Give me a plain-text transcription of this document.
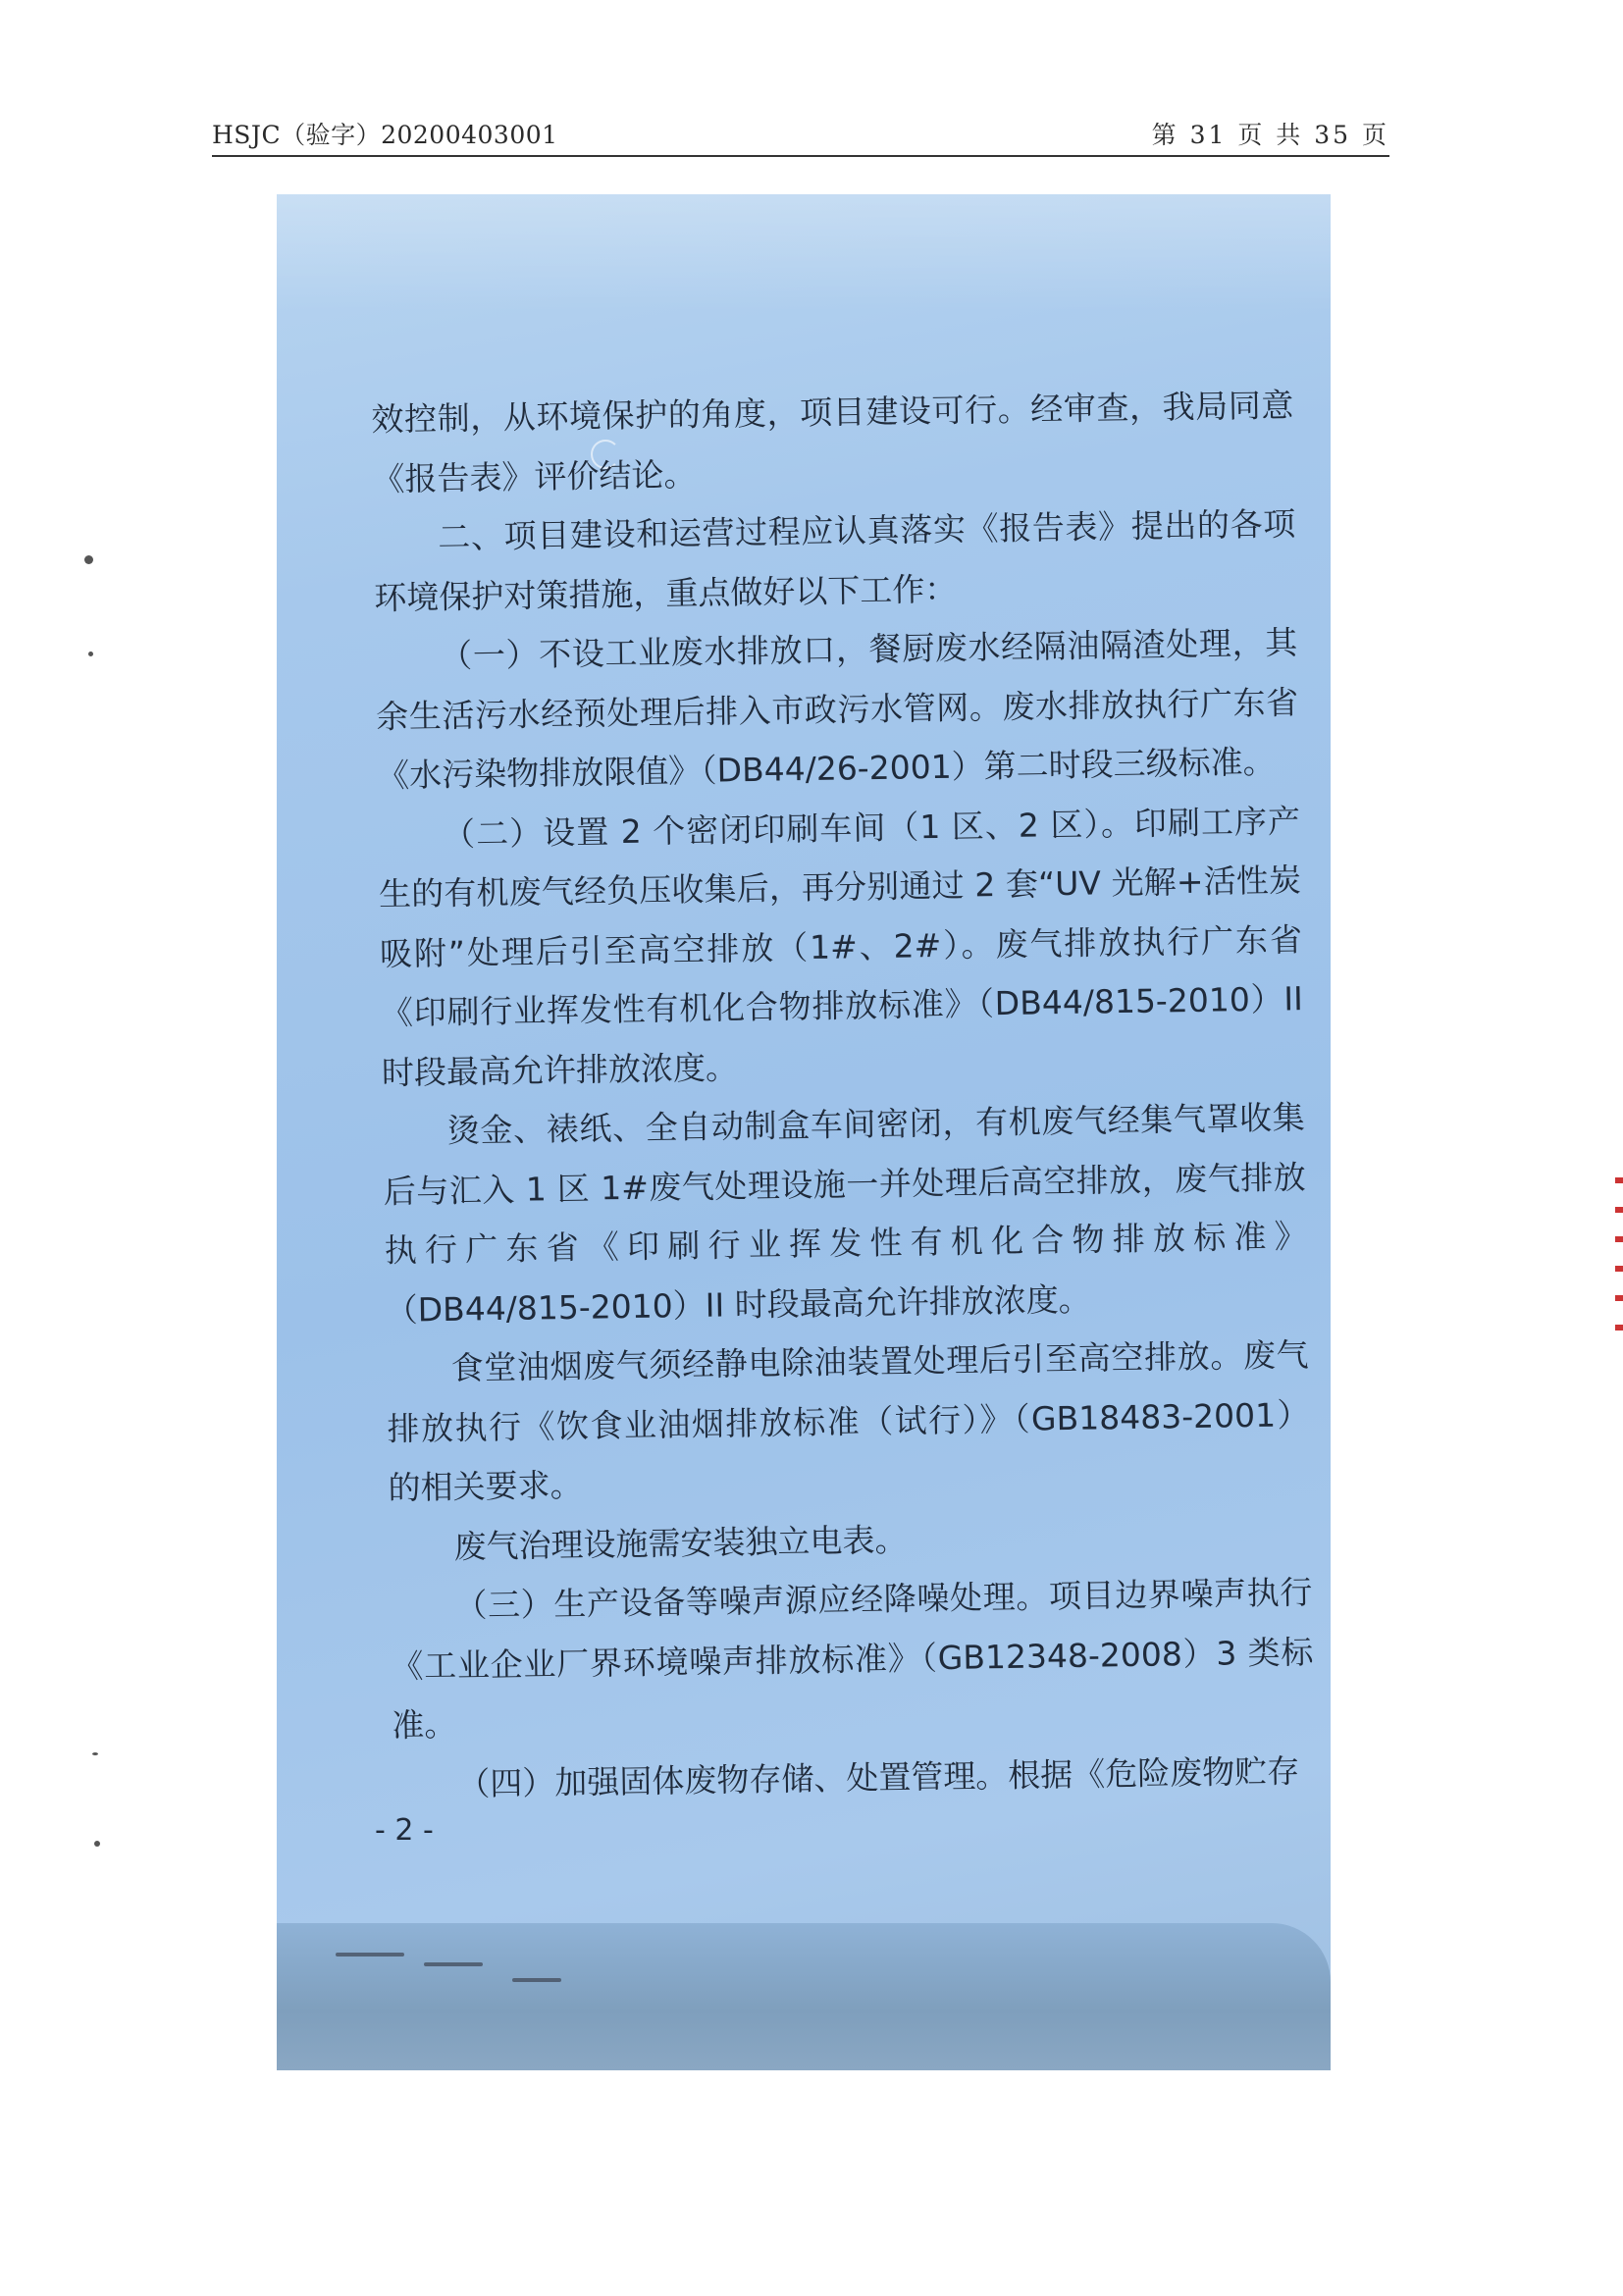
HSJC（验字）20200403001	第 31 页 共 35 页

效控制，从环境保护的角度，项目建设可行。经审查，我局同意《报告表》评价结论。

二、项目建设和运营过程应认真落实《报告表》提出的各项环境保护对策措施，重点做好以下工作：

（一）不设工业废水排放口，餐厨废水经隔油隔渣处理，其余生活污水经预处理后排入市政污水管网。废水排放执行广东省《水污染物排放限值》（DB44/26-2001）第二时段三级标准。

（二）设置 2 个密闭印刷车间（1 区、2 区）。印刷工序产生的有机废气经负压收集后，再分别通过 2 套“UV 光解+活性炭吸附”处理后引至高空排放（1#、2#）。废气排放执行广东省《印刷行业挥发性有机化合物排放标准》（DB44/815-2010）II 时段最高允许排放浓度。

烫金、裱纸、全自动制盒车间密闭，有机废气经集气罩收集后与汇入 1 区 1#废气处理设施一并处理后高空排放，废气排放执行广东省《印刷行业挥发性有机化合物排放标准》（DB44/815-2010）II 时段最高允许排放浓度。

食堂油烟废气须经静电除油装置处理后引至高空排放。废气排放执行《饮食业油烟排放标准（试行）》（GB18483-2001）的相关要求。

废气治理设施需安装独立电表。

（三）生产设备等噪声源应经降噪处理。项目边界噪声执行《工业企业厂界环境噪声排放标准》（GB12348-2008）3 类标准。

（四）加强固体废物存储、处置管理。根据《危险废物贮存

- 2 -
